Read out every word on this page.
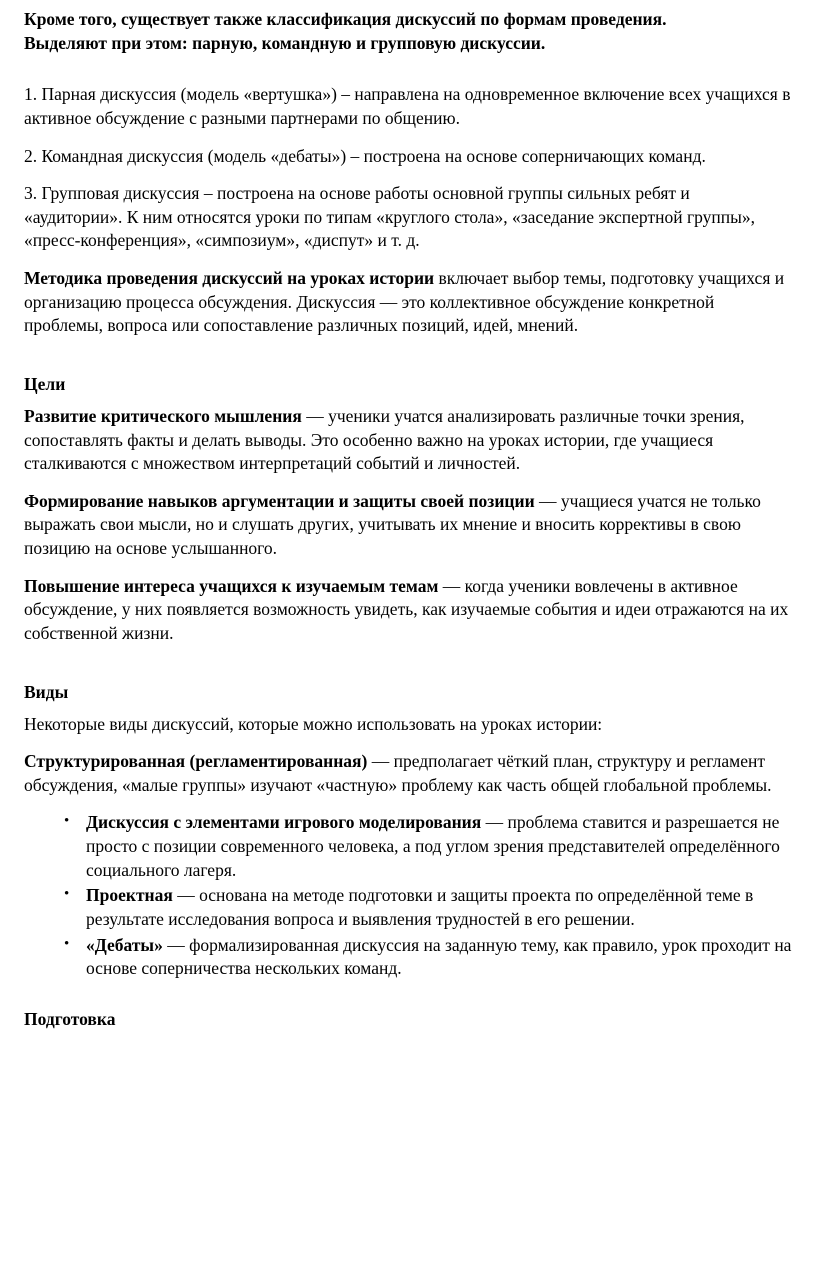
Кроме того, существует также классификация дискуссий по формам проведения.
Выделяют при этом: парную, командную и групповую дискуссии.

1. Парная дискуссия (модель «вертушка») – направлена на одновременное включение всех учащихся в активное обсуждение с разными партнерами по общению.

2. Командная дискуссия (модель «дебаты») – построена на основе соперничающих команд.

3. Групповая дискуссия – построена на основе работы основной группы сильных ребят и «аудитории». К ним относятся уроки по типам «круглого стола», «заседание экспертной группы», «пресс-конференция», «симпозиум», «диспут» и т. д.

Методика проведения дискуссий на уроках истории включает выбор темы, подготовку учащихся и организацию процесса обсуждения. Дискуссия — это коллективное обсуждение конкретной проблемы, вопроса или сопоставление различных позиций, идей, мнений.

Цели

Развитие критического мышления — ученики учатся анализировать различные точки зрения, сопоставлять факты и делать выводы. Это особенно важно на уроках истории, где учащиеся сталкиваются с множеством интерпретаций событий и личностей.

Формирование навыков аргументации и защиты своей позиции — учащиеся учатся не только выражать свои мысли, но и слушать других, учитывать их мнение и вносить коррективы в свою позицию на основе услышанного.

Повышение интереса учащихся к изучаемым темам — когда ученики вовлечены в активное обсуждение, у них появляется возможность увидеть, как изучаемые события и идеи отражаются на их собственной жизни.

Виды

Некоторые виды дискуссий, которые можно использовать на уроках истории:

Структурированная (регламентированная) — предполагает чёткий план, структуру и регламент обсуждения, «малые группы» изучают «частную» проблему как часть общей глобальной проблемы.

• Дискуссия с элементами игрового моделирования — проблема ставится и разрешается не просто с позиции современного человека, а под углом зрения представителей определённого социального лагеря.
• Проектная — основана на методе подготовки и защиты проекта по определённой теме в результате исследования вопроса и выявления трудностей в его решении.
• «Дебаты» — формализированная дискуссия на заданную тему, как правило, урок проходит на основе соперничества нескольких команд.
Подготовка
